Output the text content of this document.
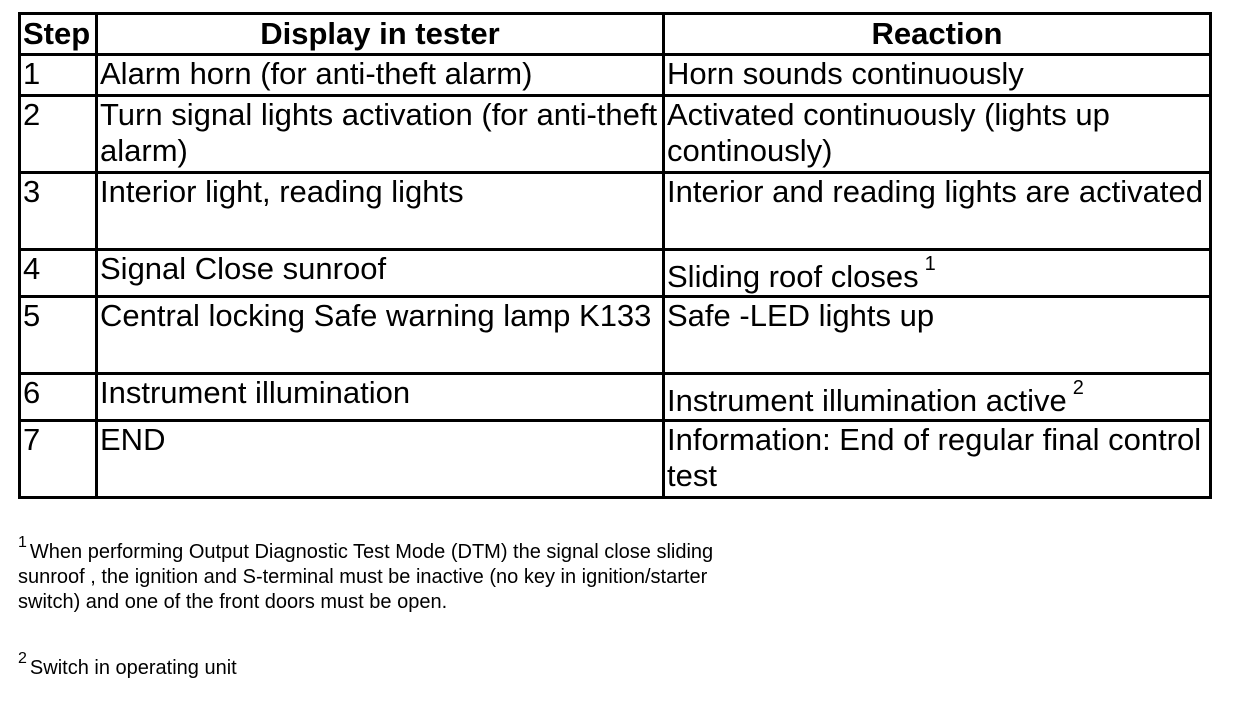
Step	Display in tester	Reaction
1	Alarm horn (for anti-theft alarm)	Horn sounds continuously
2	Turn signal lights activation (for anti-theft alarm)	Activated continuously (lights up continously)
3	Interior light, reading lights	Interior and reading lights are activated
4	Signal Close sunroof	Sliding roof closes $^1$
5	Central locking Safe warning lamp K133	Safe -LED lights up
6	Instrument illumination	Instrument illumination active $^2$
7	END	Information: End of regular final control test
$^1$ When performing Output Diagnostic Test Mode (DTM) the signal close sliding sunroof , the ignition and S-terminal must be inactive (no key in ignition/starter switch) and one of the front doors must be open.
$^2$ Switch in operating unit
